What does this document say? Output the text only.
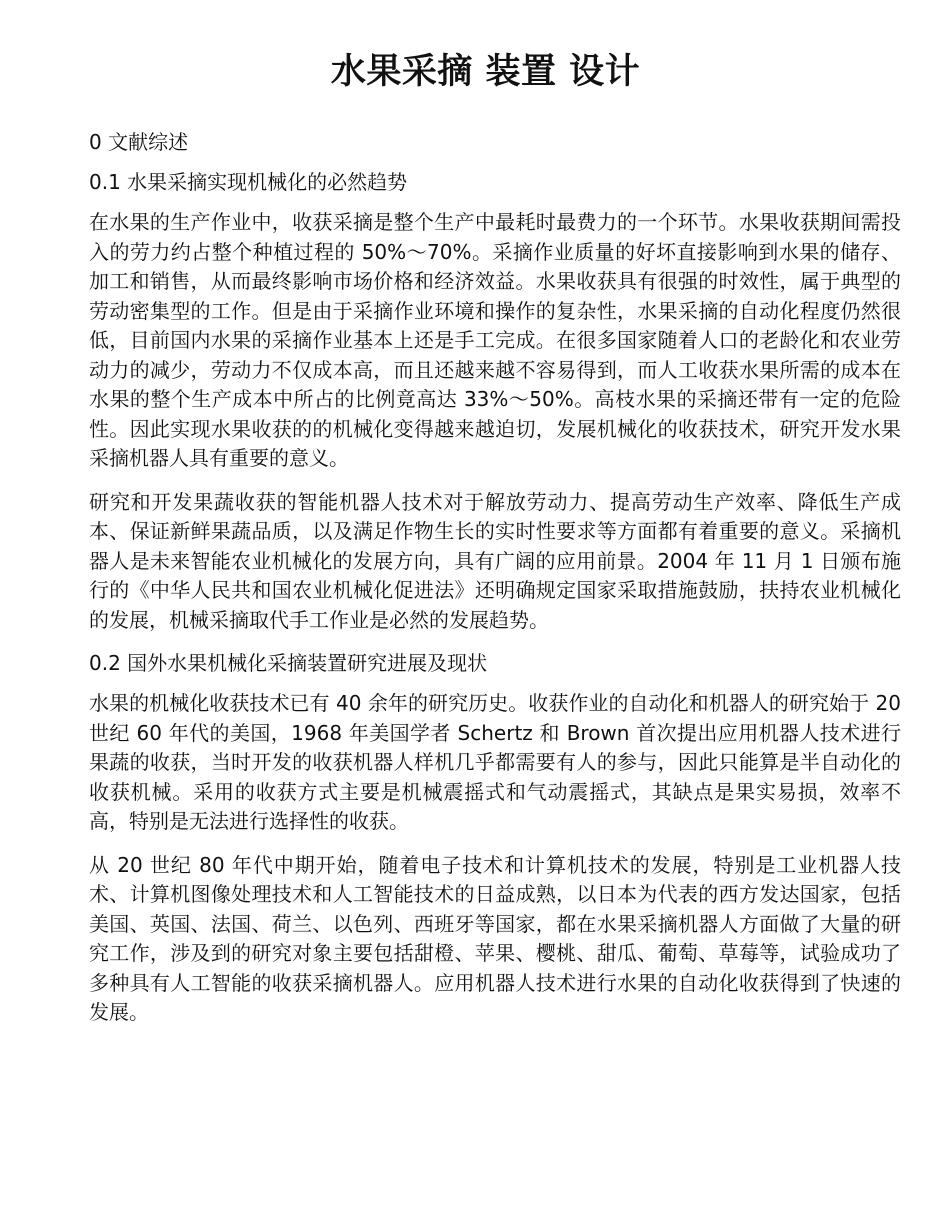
水果采摘 装置 设计

0 文献综述

0.1 水果采摘实现机械化的必然趋势

在水果的生产作业中，收获采摘是整个生产中最耗时最费力的一个环节。水果收获期间需投入的劳力约占整个种植过程的 50%～70%。采摘作业质量的好坏直接影响到水果的储存、加工和销售，从而最终影响市场价格和经济效益。水果收获具有很强的时效性，属于典型的劳动密集型的工作。但是由于采摘作业环境和操作的复杂性，水果采摘的自动化程度仍然很低，目前国内水果的采摘作业基本上还是手工完成。在很多国家随着人口的老龄化和农业劳动力的减少，劳动力不仅成本高，而且还越来越不容易得到，而人工收获水果所需的成本在水果的整个生产成本中所占的比例竟高达 33%～50%。高枝水果的采摘还带有一定的危险性。因此实现水果收获的的机械化变得越来越迫切，发展机械化的收获技术，研究开发水果采摘机器人具有重要的意义。

研究和开发果蔬收获的智能机器人技术对于解放劳动力、提高劳动生产效率、降低生产成本、保证新鲜果蔬品质，以及满足作物生长的实时性要求等方面都有着重要的意义。采摘机器人是未来智能农业机械化的发展方向，具有广阔的应用前景。2004 年 11 月 1 日颁布施行的《中华人民共和国农业机械化促进法》还明确规定国家采取措施鼓励，扶持农业机械化的发展，机械采摘取代手工作业是必然的发展趋势。

0.2 国外水果机械化采摘装置研究进展及现状

水果的机械化收获技术已有 40 余年的研究历史。收获作业的自动化和机器人的研究始于 20 世纪 60 年代的美国，1968 年美国学者 Schertz 和 Brown 首次提出应用机器人技术进行果蔬的收获，当时开发的收获机器人样机几乎都需要有人的参与，因此只能算是半自动化的收获机械。采用的收获方式主要是机械震摇式和气动震摇式，其缺点是果实易损，效率不高，特别是无法进行选择性的收获。

从 20 世纪 80 年代中期开始，随着电子技术和计算机技术的发展，特别是工业机器人技术、计算机图像处理技术和人工智能技术的日益成熟，以日本为代表的西方发达国家，包括美国、英国、法国、荷兰、以色列、西班牙等国家，都在水果采摘机器人方面做了大量的研究工作，涉及到的研究对象主要包括甜橙、苹果、樱桃、甜瓜、葡萄、草莓等，试验成功了多种具有人工智能的收获采摘机器人。应用机器人技术进行水果的自动化收获得到了快速的发展。
